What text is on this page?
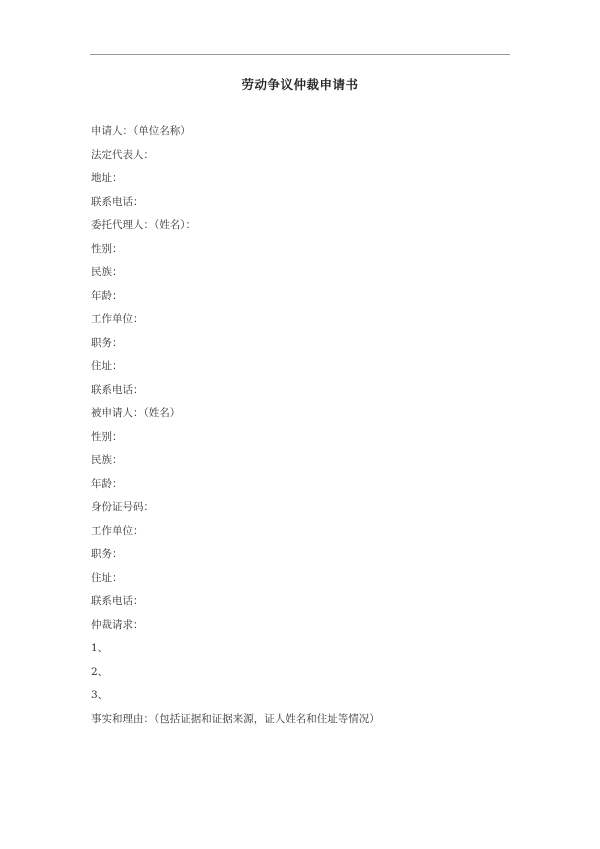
劳动争议仲裁申请书
申请人：（单位名称）
法定代表人：
地址：
联系电话：
委托代理人：（姓名）：
性别：
民族：
年龄：
工作单位：
职务：
住址：
联系电话：
被申请人：（姓名）
性别：
民族：
年龄：
身份证号码：
工作单位：
职务：
住址：
联系电话：
仲裁请求：
1、
2、
3、
事实和理由：（包括证据和证据来源，证人姓名和住址等情况）
